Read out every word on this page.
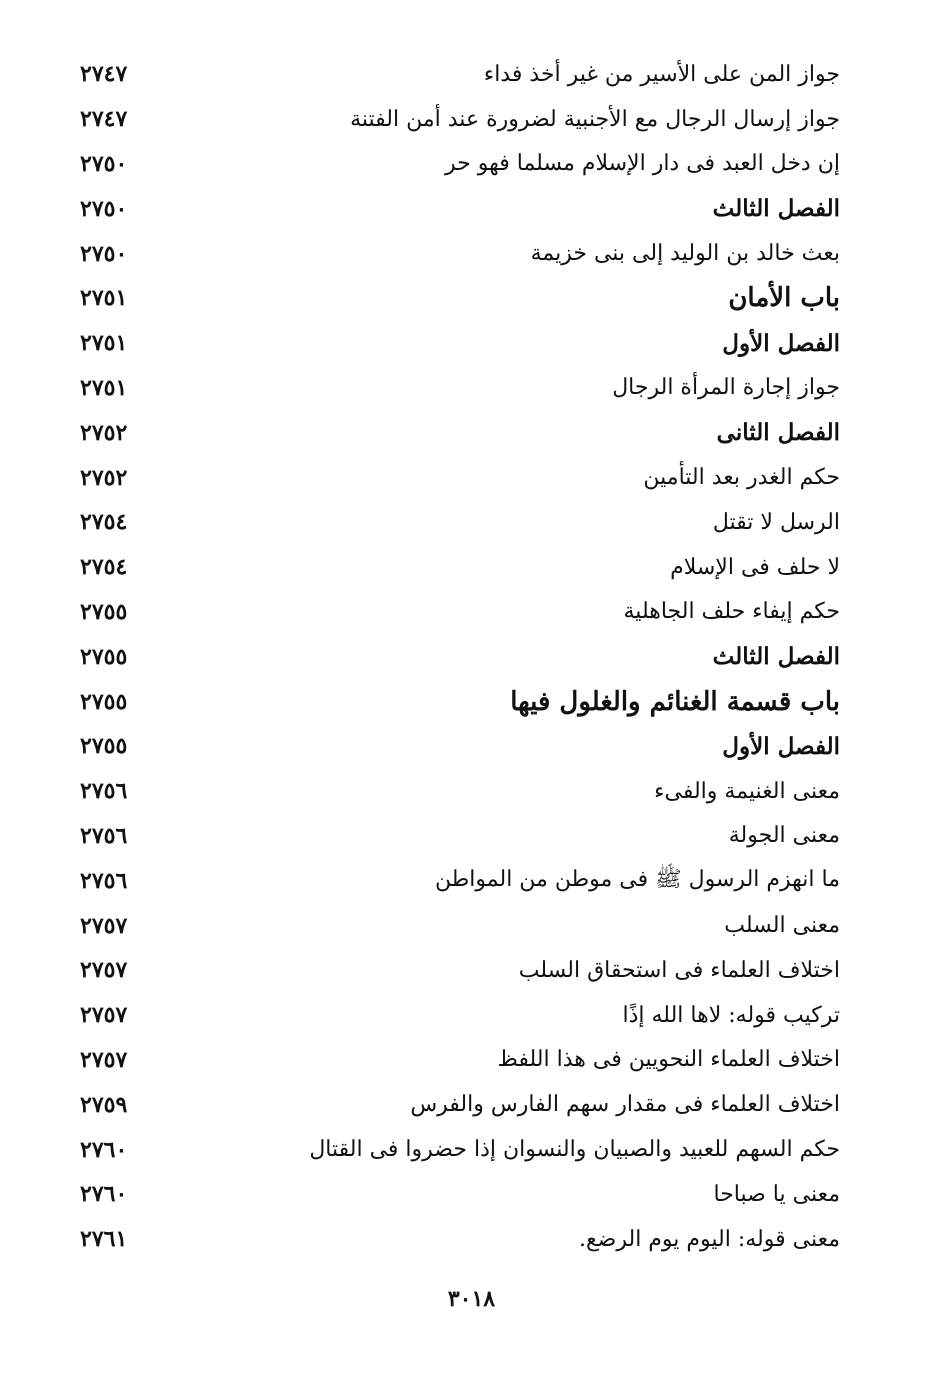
جواز المن على الأسير من غير أخذ فداء
٢٧٤٧
جواز إرسال الرجال مع الأجنبية لضرورة عند أمن الفتنة
٢٧٤٧
إن دخل العبد فى دار الإسلام مسلما فهو حر
٢٧٥٠
الفصل الثالث
٢٧٥٠
بعث خالد بن الوليد إلى بنى خزيمة
٢٧٥٠
باب الأمان
٢٧٥١
الفصل الأول
٢٧٥١
جواز إجارة المرأة الرجال
٢٧٥١
الفصل الثانى
٢٧٥٢
حكم الغدر بعد التأمين
٢٧٥٢
الرسل لا تقتل
٢٧٥٤
لا حلف فى الإسلام
٢٧٥٤
حكم إيفاء حلف الجاهلية
٢٧٥٥
الفصل الثالث
٢٧٥٥
باب قسمة الغنائم والغلول فيها
٢٧٥٥
الفصل الأول
٢٧٥٥
معنى الغنيمة والفىء
٢٧٥٦
معنى الجولة
٢٧٥٦
ما انهزم الرسول ﷺ فى موطن من المواطن
٢٧٥٦
معنى السلب
٢٧٥٧
اختلاف العلماء فى استحقاق السلب
٢٧٥٧
تركيب قوله: لاها الله إذًا
٢٧٥٧
اختلاف العلماء النحويين فى هذا اللفظ
٢٧٥٧
اختلاف العلماء فى مقدار سهم الفارس والفرس
٢٧٥٩
حكم السهم للعبيد والصبيان والنسوان إذا حضروا فى القتال
٢٧٦٠
معنى يا صباحا
٢٧٦٠
معنى قوله: اليوم يوم الرضع.
٢٧٦١
٣٠١٨
